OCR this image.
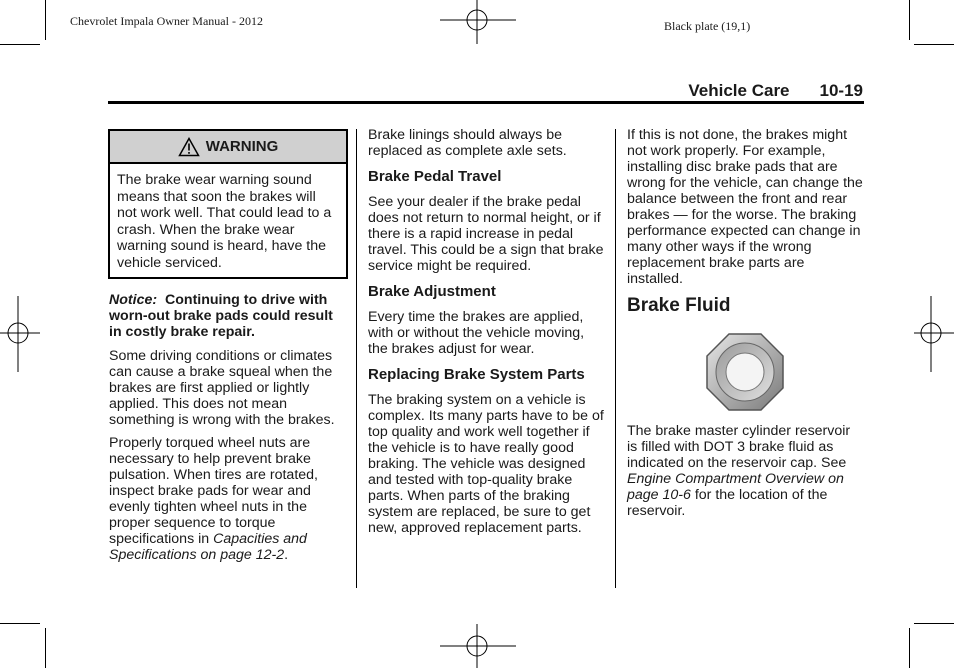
Chevrolet Impala Owner Manual - 2012	Black plate (19,1)
Vehicle Care 10-19
WARNING
The brake wear warning sound means that soon the brakes will not work well. That could lead to a crash. When the brake wear warning sound is heard, have the vehicle serviced.

Notice: Continuing to drive with worn-out brake pads could result in costly brake repair.

Some driving conditions or climates can cause a brake squeal when the brakes are first applied or lightly applied. This does not mean something is wrong with the brakes.

Properly torqued wheel nuts are necessary to help prevent brake pulsation. When tires are rotated, inspect brake pads for wear and evenly tighten wheel nuts in the proper sequence to torque specifications in Capacities and Specifications on page 12-2.

Brake linings should always be replaced as complete axle sets.

Brake Pedal Travel

See your dealer if the brake pedal does not return to normal height, or if there is a rapid increase in pedal travel. This could be a sign that brake service might be required.

Brake Adjustment

Every time the brakes are applied, with or without the vehicle moving, the brakes adjust for wear.

Replacing Brake System Parts

The braking system on a vehicle is complex. Its many parts have to be of top quality and work well together if the vehicle is to have really good braking. The vehicle was designed and tested with top-quality brake parts. When parts of the braking system are replaced, be sure to get new, approved replacement parts.

If this is not done, the brakes might not work properly. For example, installing disc brake pads that are wrong for the vehicle, can change the balance between the front and rear brakes — for the worse. The braking performance expected can change in many other ways if the wrong replacement brake parts are installed.

Brake Fluid

The brake master cylinder reservoir is filled with DOT 3 brake fluid as indicated on the reservoir cap. See Engine Compartment Overview on page 10-6 for the location of the reservoir.
